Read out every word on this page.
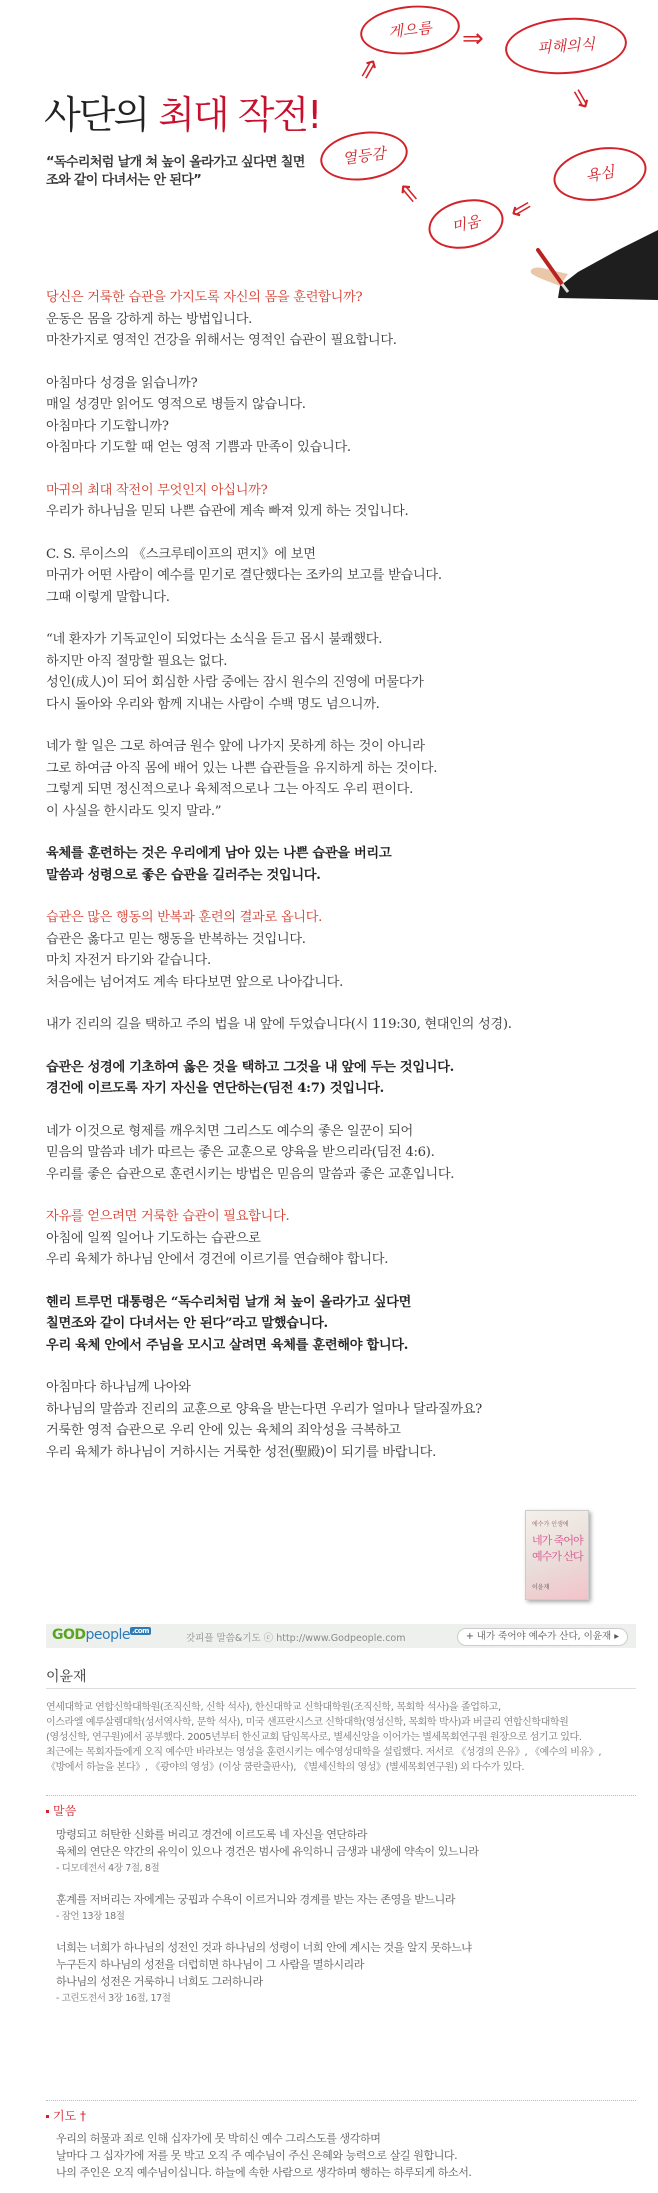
게으름	⇒	피해의식
⇒
욕심
⇒
미움
⇒
열등감
⇒
사단의 최대 작전!
“독수리처럼 날개 쳐 높이 올라가고 싶다면 칠면조와 같이 다녀서는 안 된다”

당신은 거룩한 습관을 가지도록 자신의 몸을 훈련합니까?
운동은 몸을 강하게 하는 방법입니다.
마찬가지로 영적인 건강을 위해서는 영적인 습관이 필요합니다.

아침마다 성경을 읽습니까?
매일 성경만 읽어도 영적으로 병들지 않습니다.
아침마다 기도합니까?
아침마다 기도할 때 얻는 영적 기쁨과 만족이 있습니다.

마귀의 최대 작전이 무엇인지 아십니까?
우리가 하나님을 믿되 나쁜 습관에 계속 빠져 있게 하는 것입니다.

C. S. 루이스의 《스크루테이프의 편지》에 보면
마귀가 어떤 사람이 예수를 믿기로 결단했다는 조카의 보고를 받습니다.
그때 이렇게 말합니다.

“네 환자가 기독교인이 되었다는 소식을 듣고 몹시 불쾌했다.
하지만 아직 절망할 필요는 없다.
성인(成人)이 되어 회심한 사람 중에는 잠시 원수의 진영에 머물다가
다시 돌아와 우리와 함께 지내는 사람이 수백 명도 넘으니까.

네가 할 일은 그로 하여금 원수 앞에 나가지 못하게 하는 것이 아니라
그로 하여금 아직 몸에 배어 있는 나쁜 습관들을 유지하게 하는 것이다.
그렇게 되면 정신적으로나 육체적으로나 그는 아직도 우리 편이다.
이 사실을 한시라도 잊지 말라.”

육체를 훈련하는 것은 우리에게 남아 있는 나쁜 습관을 버리고
말씀과 성령으로 좋은 습관을 길러주는 것입니다.

습관은 많은 행동의 반복과 훈련의 결과로 옵니다.
습관은 옳다고 믿는 행동을 반복하는 것입니다.
마치 자전거 타기와 같습니다.
처음에는 넘어져도 계속 타다보면 앞으로 나아갑니다.

내가 진리의 길을 택하고 주의 법을 내 앞에 두었습니다(시 119:30, 현대인의 성경).

습관은 성경에 기초하여 옳은 것을 택하고 그것을 내 앞에 두는 것입니다.
경건에 이르도록 자기 자신을 연단하는(딤전 4:7) 것입니다.

네가 이것으로 형제를 깨우치면 그리스도 예수의 좋은 일꾼이 되어
믿음의 말씀과 네가 따르는 좋은 교훈으로 양육을 받으리라(딤전 4:6).
우리를 좋은 습관으로 훈련시키는 방법은 믿음의 말씀과 좋은 교훈입니다.

자유를 얻으려면 거룩한 습관이 필요합니다.
아침에 일찍 일어나 기도하는 습관으로
우리 육체가 하나님 안에서 경건에 이르기를 연습해야 합니다.

헨리 트루먼 대통령은 “독수리처럼 날개 쳐 높이 올라가고 싶다면
칠면조와 같이 다녀서는 안 된다”라고 말했습니다.
우리 육체 안에서 주님을 모시고 살려면 육체를 훈련해야 합니다.

아침마다 하나님께 나아와
하나님의 말씀과 진리의 교훈으로 양육을 받는다면 우리가 얼마나 달라질까요?
거룩한 영적 습관으로 우리 안에 있는 육체의 죄악성을 극복하고
우리 육체가 하나님이 거하시는 거룩한 성전(聖殿)이 되기를 바랍니다.

에수가 인생에
네가 죽어야 예수가 산다
이윤재
GODpeople $^{.com}$
갓피플 말씀&기도 ⓒ http://www.Godpeople.com	+ 내가 죽어야 예수가 산다, 이윤재 ▸
이윤재
연세대학교 연합신학대학원(조직신학, 신학 석사), 한신대학교 신학대학원(조직신학, 목회학 석사)을 졸업하고,
이스라엘 예루살렘대학(성서역사학, 문학 석사), 미국 샌프란시스코 신학대학(영성신학, 목회학 박사)과 버클리 연합신학대학원
(영성신학, 연구원)에서 공부했다. 2005년부터 한신교회 담임목사로, 별세신앙을 이어가는 별세목회연구원 원장으로 섬기고 있다.
최근에는 목회자들에게 오직 예수만 바라보는 영성을 훈련시키는 예수영성대학을 설립했다. 저서로 《성경의 은유》, 《예수의 비유》,
《방에서 하늘을 본다》, 《광야의 영성》(이상 쿰란출판사), 《별세신학의 영성》(별세목회연구원) 외 다수가 있다.
말씀
망령되고 허탄한 신화를 버리고 경건에 이르도록 네 자신을 연단하라
육체의 연단은 약간의 유익이 있으나 경건은 범사에 유익하니 금생과 내생에 약속이 있느니라
- 디모데전서 4장 7절, 8절
훈계를 저버리는 자에게는 궁핍과 수욕이 이르거니와 경계를 받는 자는 존영을 받느니라
- 잠언 13장 18절
너희는 너희가 하나님의 성전인 것과 하나님의 성령이 너희 안에 계시는 것을 알지 못하느냐
누구든지 하나님의 성전을 더럽히면 하나님이 그 사람을 멸하시리라
하나님의 성전은 거룩하니 너희도 그러하니라
- 고린도전서 3장 16절, 17절
기도 †
우리의 허물과 죄로 인해 십자가에 못 박히신 예수 그리스도를 생각하며
날마다 그 십자가에 저를 못 박고 오직 주 예수님이 주신 은혜와 능력으로 살길 원합니다.
나의 주인은 오직 예수님이십니다. 하늘에 속한 사람으로 생각하며 행하는 하루되게 하소서.
